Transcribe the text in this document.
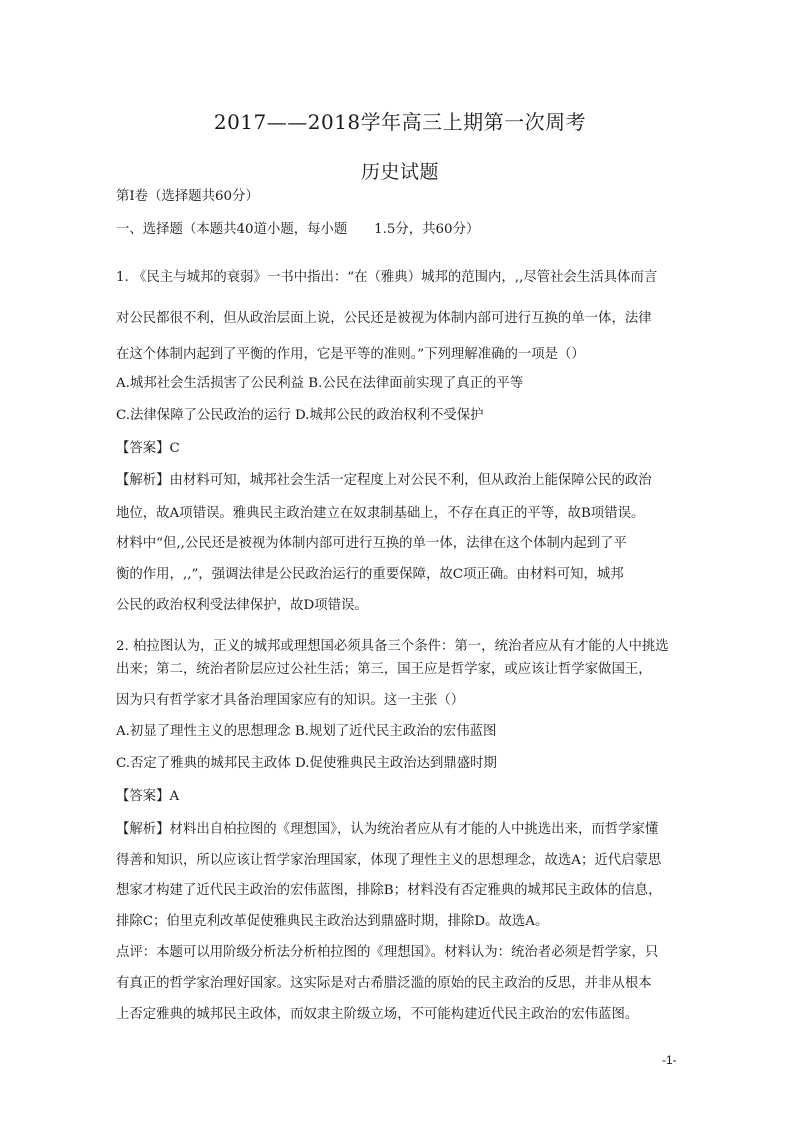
2017——2018学年高三上期第一次周考
历史试题
第Ⅰ卷（选择题共60分）
一、选择题（本题共40道小题，每小题　　1.5分，共60分）
1. 《民主与城邦的衰弱》一书中指出：“在（雅典）城邦的范围内，,,尽管社会生活具体而言
对公民都很不利，但从政治层面上说，公民还是被视为体制内部可进行互换的单一体，法律
在这个体制内起到了平衡的作用，它是平等的准则。”下列理解准确的一项是（）
A.城邦社会生活损害了公民利益 B.公民在法律面前实现了真正的平等
C.法律保障了公民政治的运行 D.城邦公民的政治权利不受保护
【答案】C
【解析】由材料可知，城邦社会生活一定程度上对公民不利，但从政治上能保障公民的政治
地位，故A项错误。雅典民主政治建立在奴隶制基础上，不存在真正的平等，故B项错误。
材料中“但,,公民还是被视为体制内部可进行互换的单一体，法律在这个体制内起到了平
衡的作用，,,”，强调法律是公民政治运行的重要保障，故C项正确。由材料可知，城邦
公民的政治权利受法律保护，故D项错误。
2. 柏拉图认为，正义的城邦或理想国必须具备三个条件：第一，统治者应从有才能的人中挑选
出来；第二，统治者阶层应过公社生活；第三，国王应是哲学家，或应该让哲学家做国王，
因为只有哲学家才具备治理国家应有的知识。这一主张（）
A.初显了理性主义的思想理念 B.规划了近代民主政治的宏伟蓝图
C.否定了雅典的城邦民主政体 D.促使雅典民主政治达到鼎盛时期
【答案】A
【解析】材料出自柏拉图的《理想国》，认为统治者应从有才能的人中挑选出来，而哲学家懂
得善和知识，所以应该让哲学家治理国家，体现了理性主义的思想理念，故选A；近代启蒙思
想家才构建了近代民主政治的宏伟蓝图，排除B；材料没有否定雅典的城邦民主政体的信息，
排除C；伯里克利改革促使雅典民主政治达到鼎盛时期，排除D。故选A。
点评：本题可以用阶级分析法分析柏拉图的《理想国》。材料认为：统治者必须是哲学家，只
有真正的哲学家治理好国家。这实际是对古希腊泛滥的原始的民主政治的反思，并非从根本
上否定雅典的城邦民主政体，而奴隶主阶级立场，不可能构建近代民主政治的宏伟蓝图。
-1-
